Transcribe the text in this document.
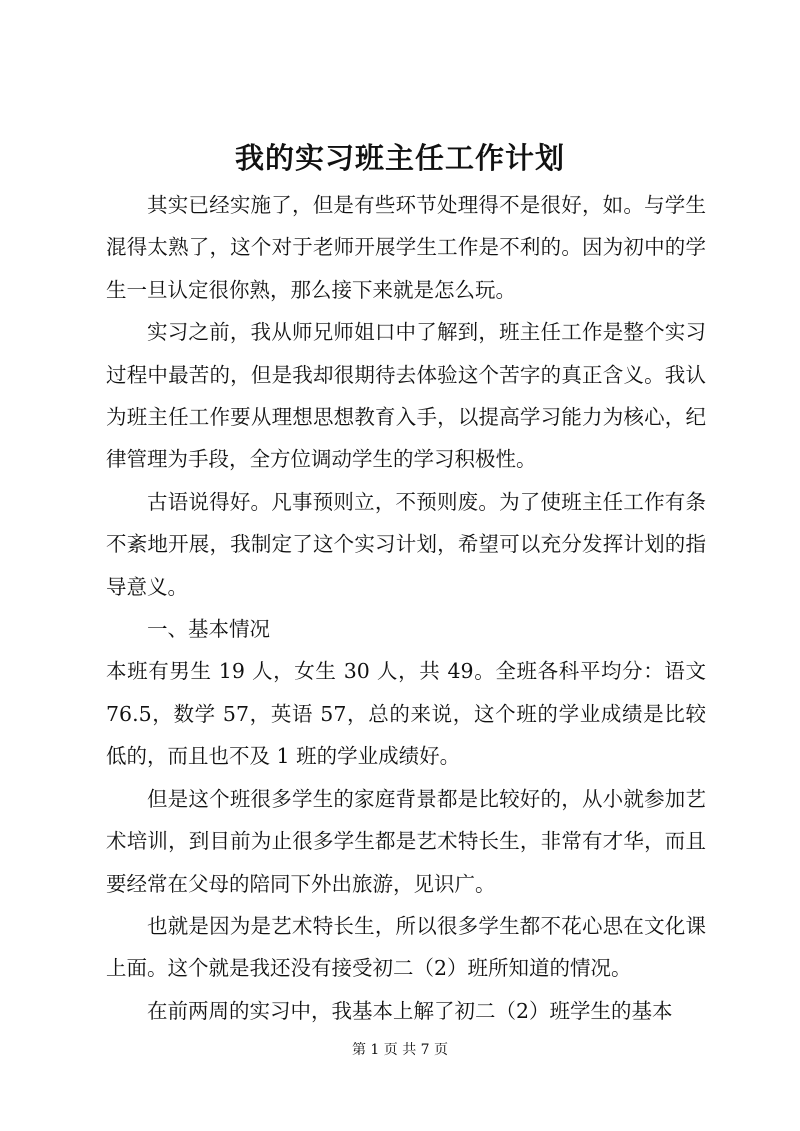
我的实习班主任工作计划

其实已经实施了，但是有些环节处理得不是很好，如。与学生混得太熟了，这个对于老师开展学生工作是不利的。因为初中的学生一旦认定很你熟，那么接下来就是怎么玩。

实习之前，我从师兄师姐口中了解到，班主任工作是整个实习过程中最苦的，但是我却很期待去体验这个苦字的真正含义。我认为班主任工作要从理想思想教育入手，以提高学习能力为核心，纪律管理为手段，全方位调动学生的学习积极性。

古语说得好。凡事预则立，不预则废。为了使班主任工作有条不紊地开展，我制定了这个实习计划，希望可以充分发挥计划的指导意义。

一、基本情况

本班有男生 19 人，女生 30 人，共 49。全班各科平均分：语文 76.5，数学 57，英语 57，总的来说，这个班的学业成绩是比较低的，而且也不及 1 班的学业成绩好。

但是这个班很多学生的家庭背景都是比较好的，从小就参加艺术培训，到目前为止很多学生都是艺术特长生，非常有才华，而且要经常在父母的陪同下外出旅游，见识广。

也就是因为是艺术特长生，所以很多学生都不花心思在文化课上面。这个就是我还没有接受初二（2）班所知道的情况。

在前两周的实习中，我基本上解了初二（2）班学生的基本

第 1 页 共 7 页
